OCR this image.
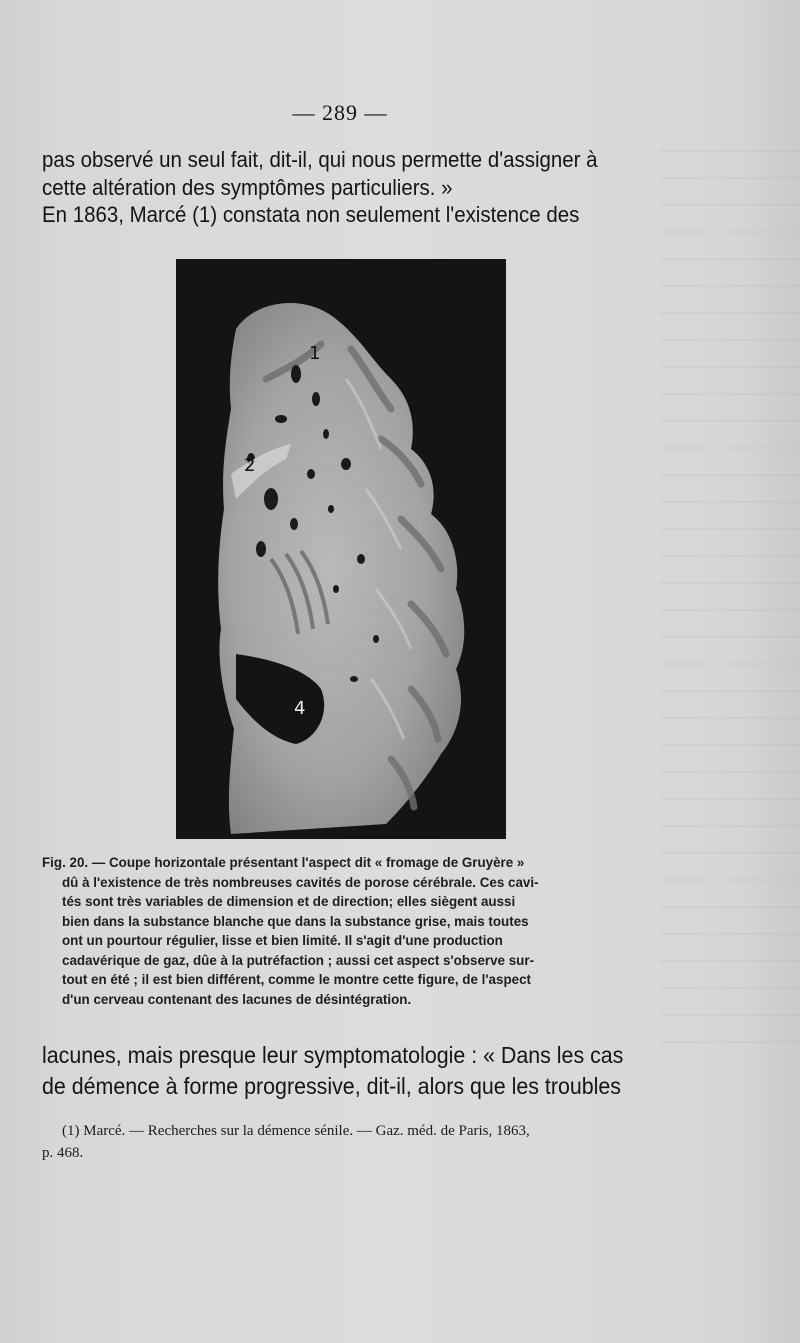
— 289 —
pas observé un seul fait, dit-il, qui nous permette d'assigner à
cette altération des symptômes particuliers. »
En 1863, Marcé (1) constata non seulement l'existence des
1
2
4
Fig. 20. — Coupe horizontale présentant l'aspect dit « fromage de Gruyère »
dû à l'existence de très nombreuses cavités de porose cérébrale. Ces cavi-
tés sont très variables de dimension et de direction; elles siègent aussi
bien dans la substance blanche que dans la substance grise, mais toutes
ont un pourtour régulier, lisse et bien limité. Il s'agit d'une production
cadavérique de gaz, dûe à la putréfaction ; aussi cet aspect s'observe sur-
tout en été ; il est bien différent, comme le montre cette figure, de l'aspect
d'un cerveau contenant des lacunes de désintégration.
lacunes, mais presque leur symptomatologie : « Dans les cas
de démence à forme progressive, dit-il, alors que les troubles
(1) Marcé. — Recherches sur la démence sénile. — Gaz. méd. de Paris, 1863,
p. 468.
